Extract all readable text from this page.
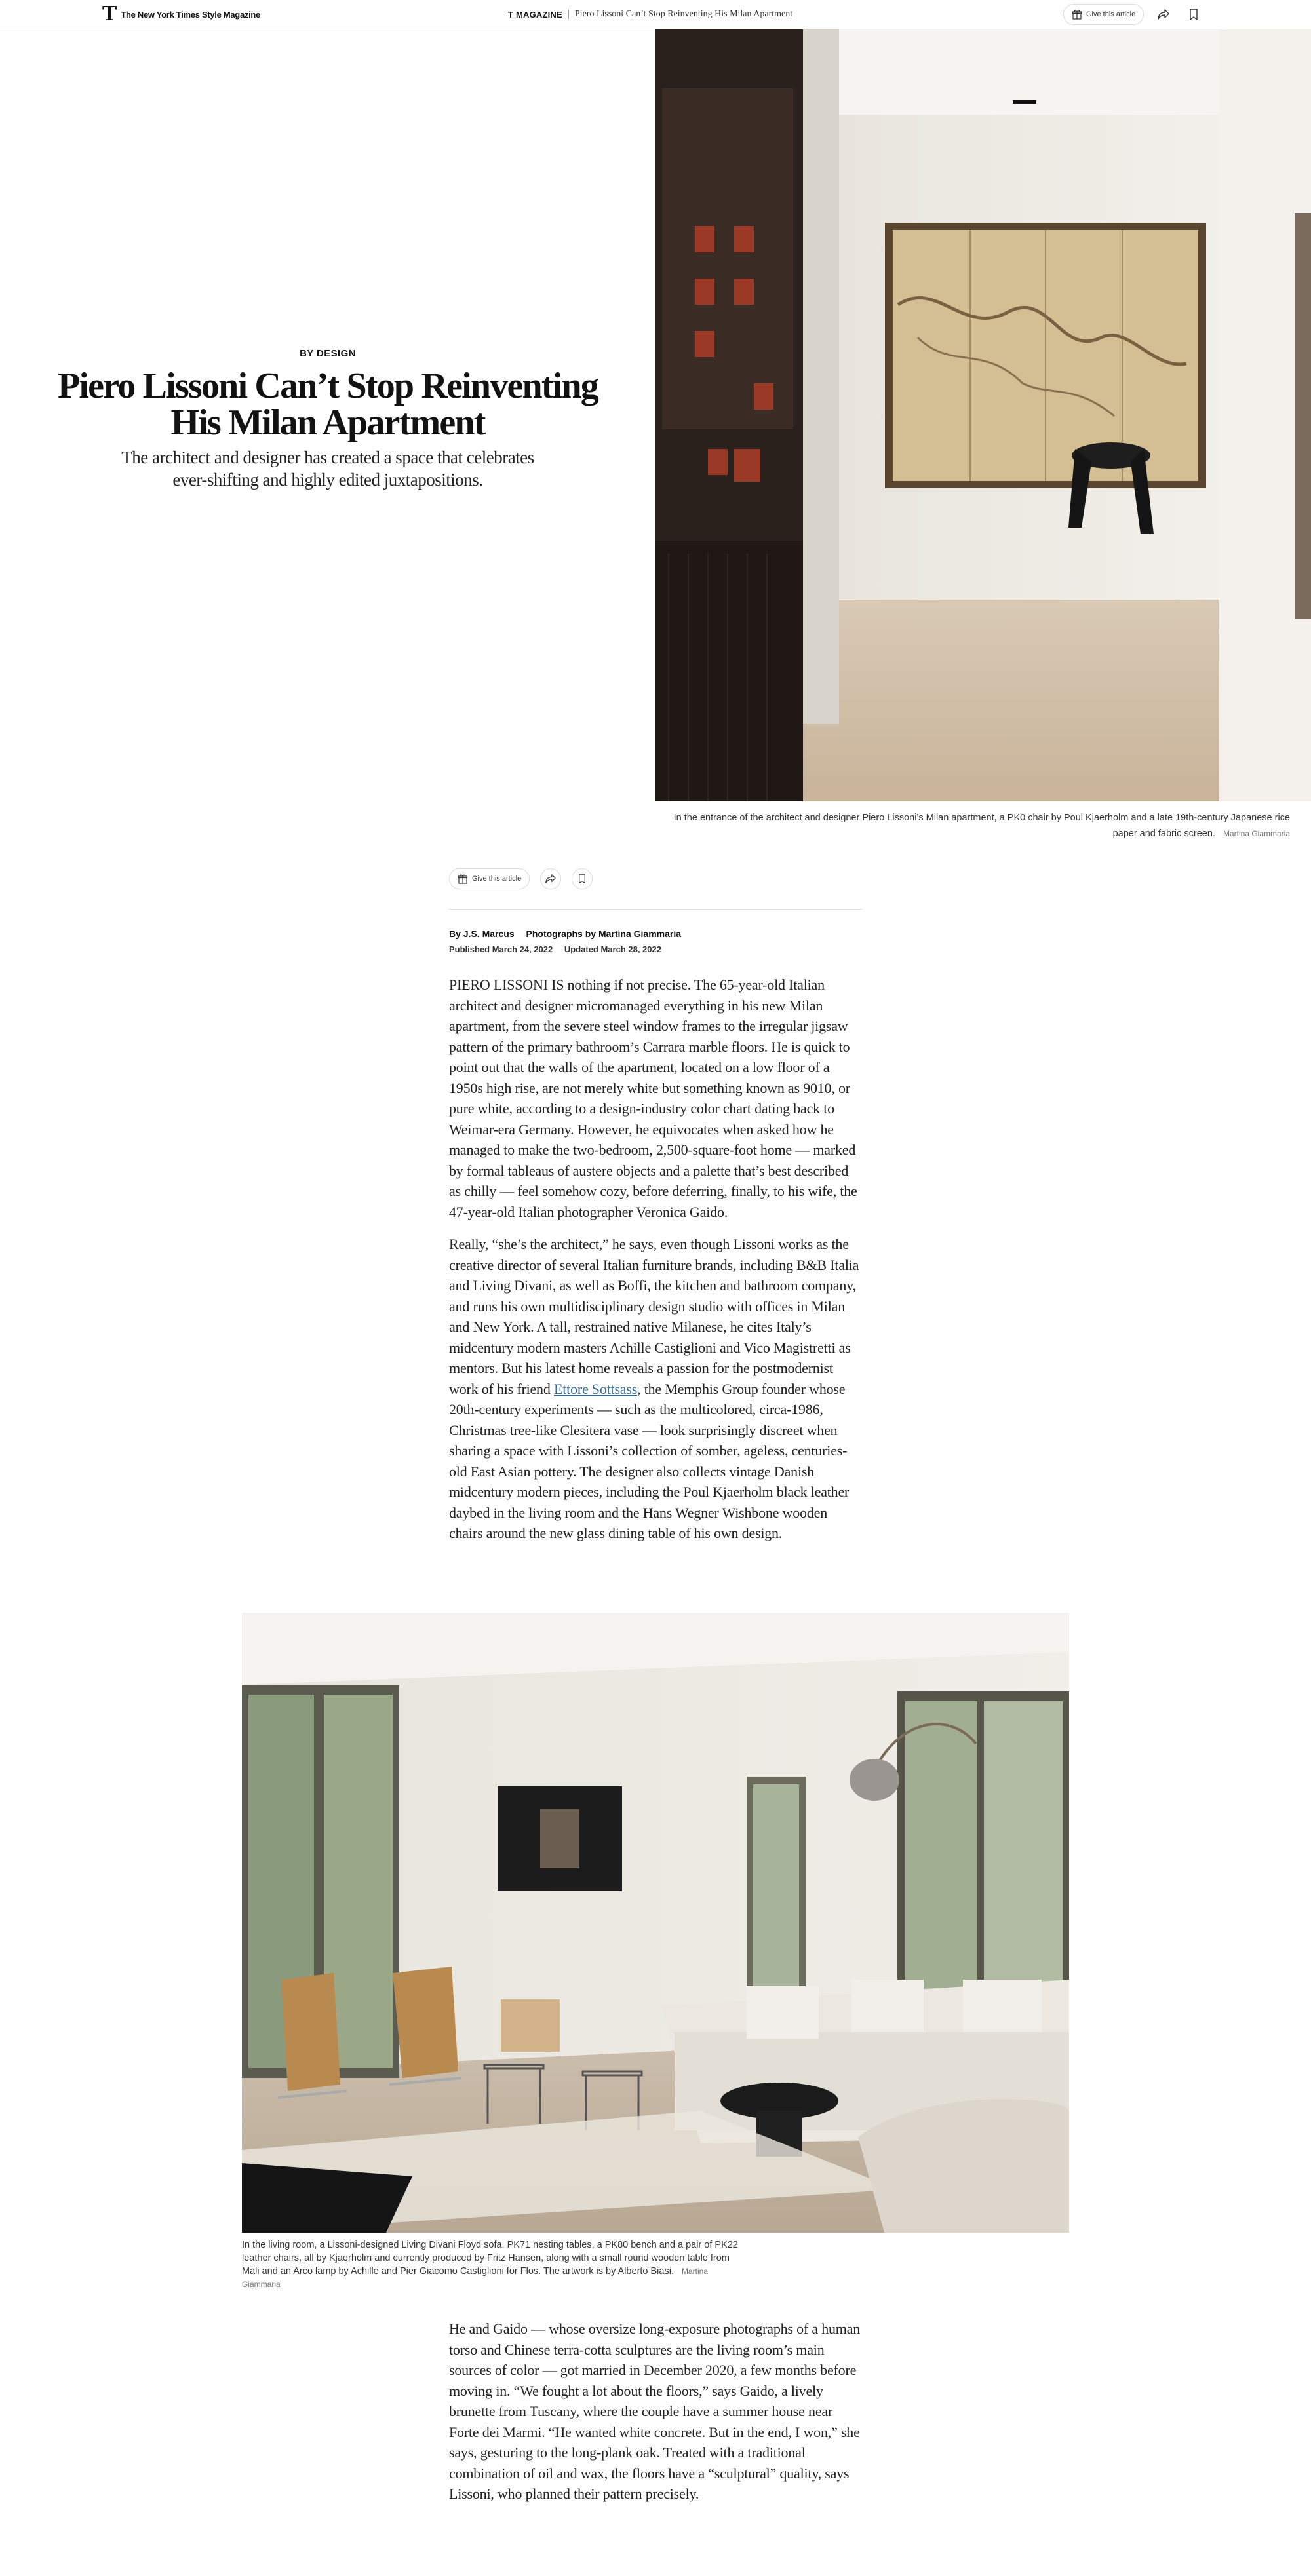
T The New York Times Style Magazine	T MAGAZINE Piero Lissoni Can’t Stop Reinventing His Milan Apartment	Give this article
BY DESIGN
Piero Lissoni Can’t Stop Reinventing His Milan Apartment

The architect and designer has created a space that celebrates ever-shifting and highly edited juxtapositions.

In the entrance of the architect and designer Piero Lissoni’s Milan apartment, a PK0 chair by Poul Kjaerholm and a late 19th-century Japanese rice paper and fabric screen. Martina Giammaria
Give this article
By J.S. Marcus Photographs by Martina Giammaria
Published March 24, 2022 Updated March 28, 2022

PIERO LISSONI IS nothing if not precise. The 65-year-old Italian architect and designer micromanaged everything in his new Milan apartment, from the severe steel window frames to the irregular jigsaw pattern of the primary bathroom’s Carrara marble floors. He is quick to point out that the walls of the apartment, located on a low floor of a 1950s high rise, are not merely white but something known as 9010, or pure white, according to a design-industry color chart dating back to Weimar-era Germany. However, he equivocates when asked how he managed to make the two-bedroom, 2,500-square-foot home — marked by formal tableaus of austere objects and a palette that’s best described as chilly — feel somehow cozy, before deferring, finally, to his wife, the 47-year-old Italian photographer Veronica Gaido.

Really, “she’s the architect,” he says, even though Lissoni works as the creative director of several Italian furniture brands, including B&B Italia and Living Divani, as well as Boffi, the kitchen and bathroom company, and runs his own multidisciplinary design studio with offices in Milan and New York. A tall, restrained native Milanese, he cites Italy’s midcentury modern masters Achille Castiglioni and Vico Magistretti as mentors. But his latest home reveals a passion for the postmodernist work of his friend Ettore Sottsass, the Memphis Group founder whose 20th-century experiments — such as the multicolored, circa-1986, Christmas tree-like Clesitera vase — look surprisingly discreet when sharing a space with Lissoni’s collection of somber, ageless, centuries-old East Asian pottery. The designer also collects vintage Danish midcentury modern pieces, including the Poul Kjaerholm black leather daybed in the living room and the Hans Wegner Wishbone wooden chairs around the new glass dining table of his own design.

In the living room, a Lissoni-designed Living Divani Floyd sofa, PK71 nesting tables, a PK80 bench and a pair of PK22 leather chairs, all by Kjaerholm and currently produced by Fritz Hansen, along with a small round wooden table from Mali and an Arco lamp by Achille and Pier Giacomo Castiglioni for Flos. The artwork is by Alberto Biasi. Martina Giammaria

He and Gaido — whose oversize long-exposure photographs of a human torso and Chinese terra-cotta sculptures are the living room’s main sources of color — got married in December 2020, a few months before moving in. “We fought a lot about the floors,” says Gaido, a lively brunette from Tuscany, where the couple have a summer house near Forte dei Marmi. “He wanted white concrete. But in the end, I won,” she says, gesturing to the long-plank oak. Treated with a traditional combination of oil and wax, the floors have a “sculptural” quality, says Lissoni, who planned their pattern precisely.
